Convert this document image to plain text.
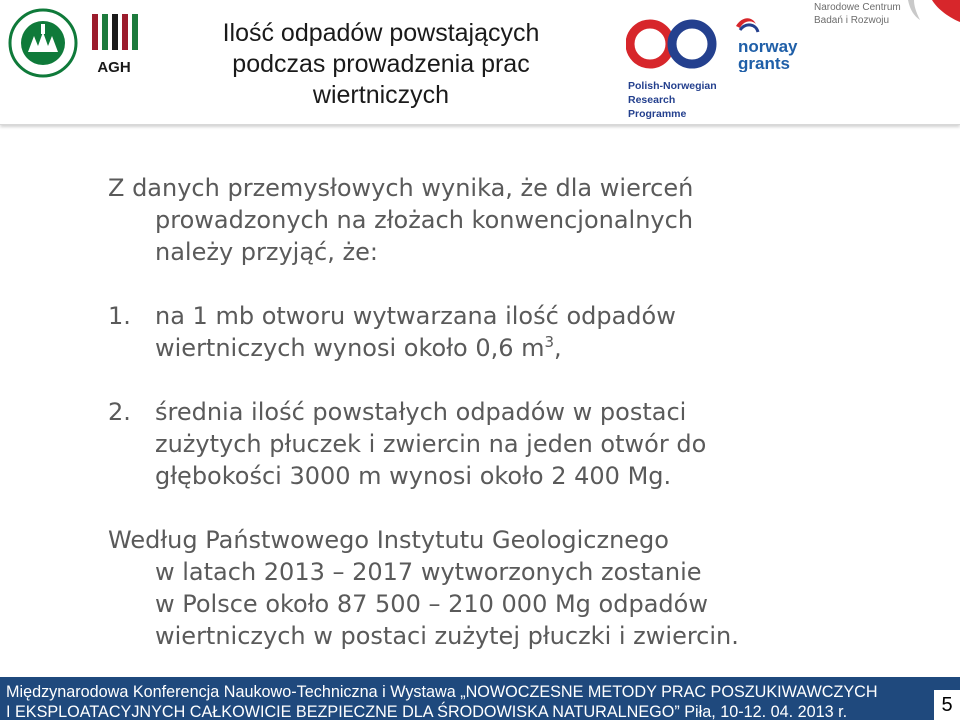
AGH
Ilość odpadów powstających
podczas prowadzenia prac
wiertniczych	Polish-Norwegian
Research
Programme
norway
grants
Narodowe Centrum
Badań i Rozwoju
Z danych przemysłowych wynika, że dla wierceń
prowadzonych na złożach konwencjonalnych
należy przyjąć, że:
1.	na 1 mb otworu wytwarzana ilość odpadów
wiertniczych wynosi około 0,6 $m^3$,
2.	średnia ilość powstałych odpadów w postaci
zużytych płuczek i zwiercin na jeden otwór do
głębokości 3000 m wynosi około 2 400 Mg.
Według Państwowego Instytutu Geologicznego
w latach 2013 – 2017 wytworzonych zostanie
w Polsce około 87 500 – 210 000 Mg odpadów
wiertniczych w postaci zużytej płuczki i zwiercin.
Międzynarodowa Konferencja Naukowo-Techniczna i Wystawa „NOWOCZESNE METODY PRAC POSZUKIWAWCZYCH
I EKSPLOATACYJNYCH CAŁKOWICIE BEZPIECZNE DLA ŚRODOWISKA NATURALNEGO” Piła, 10-12. 04. 2013 r.	5
